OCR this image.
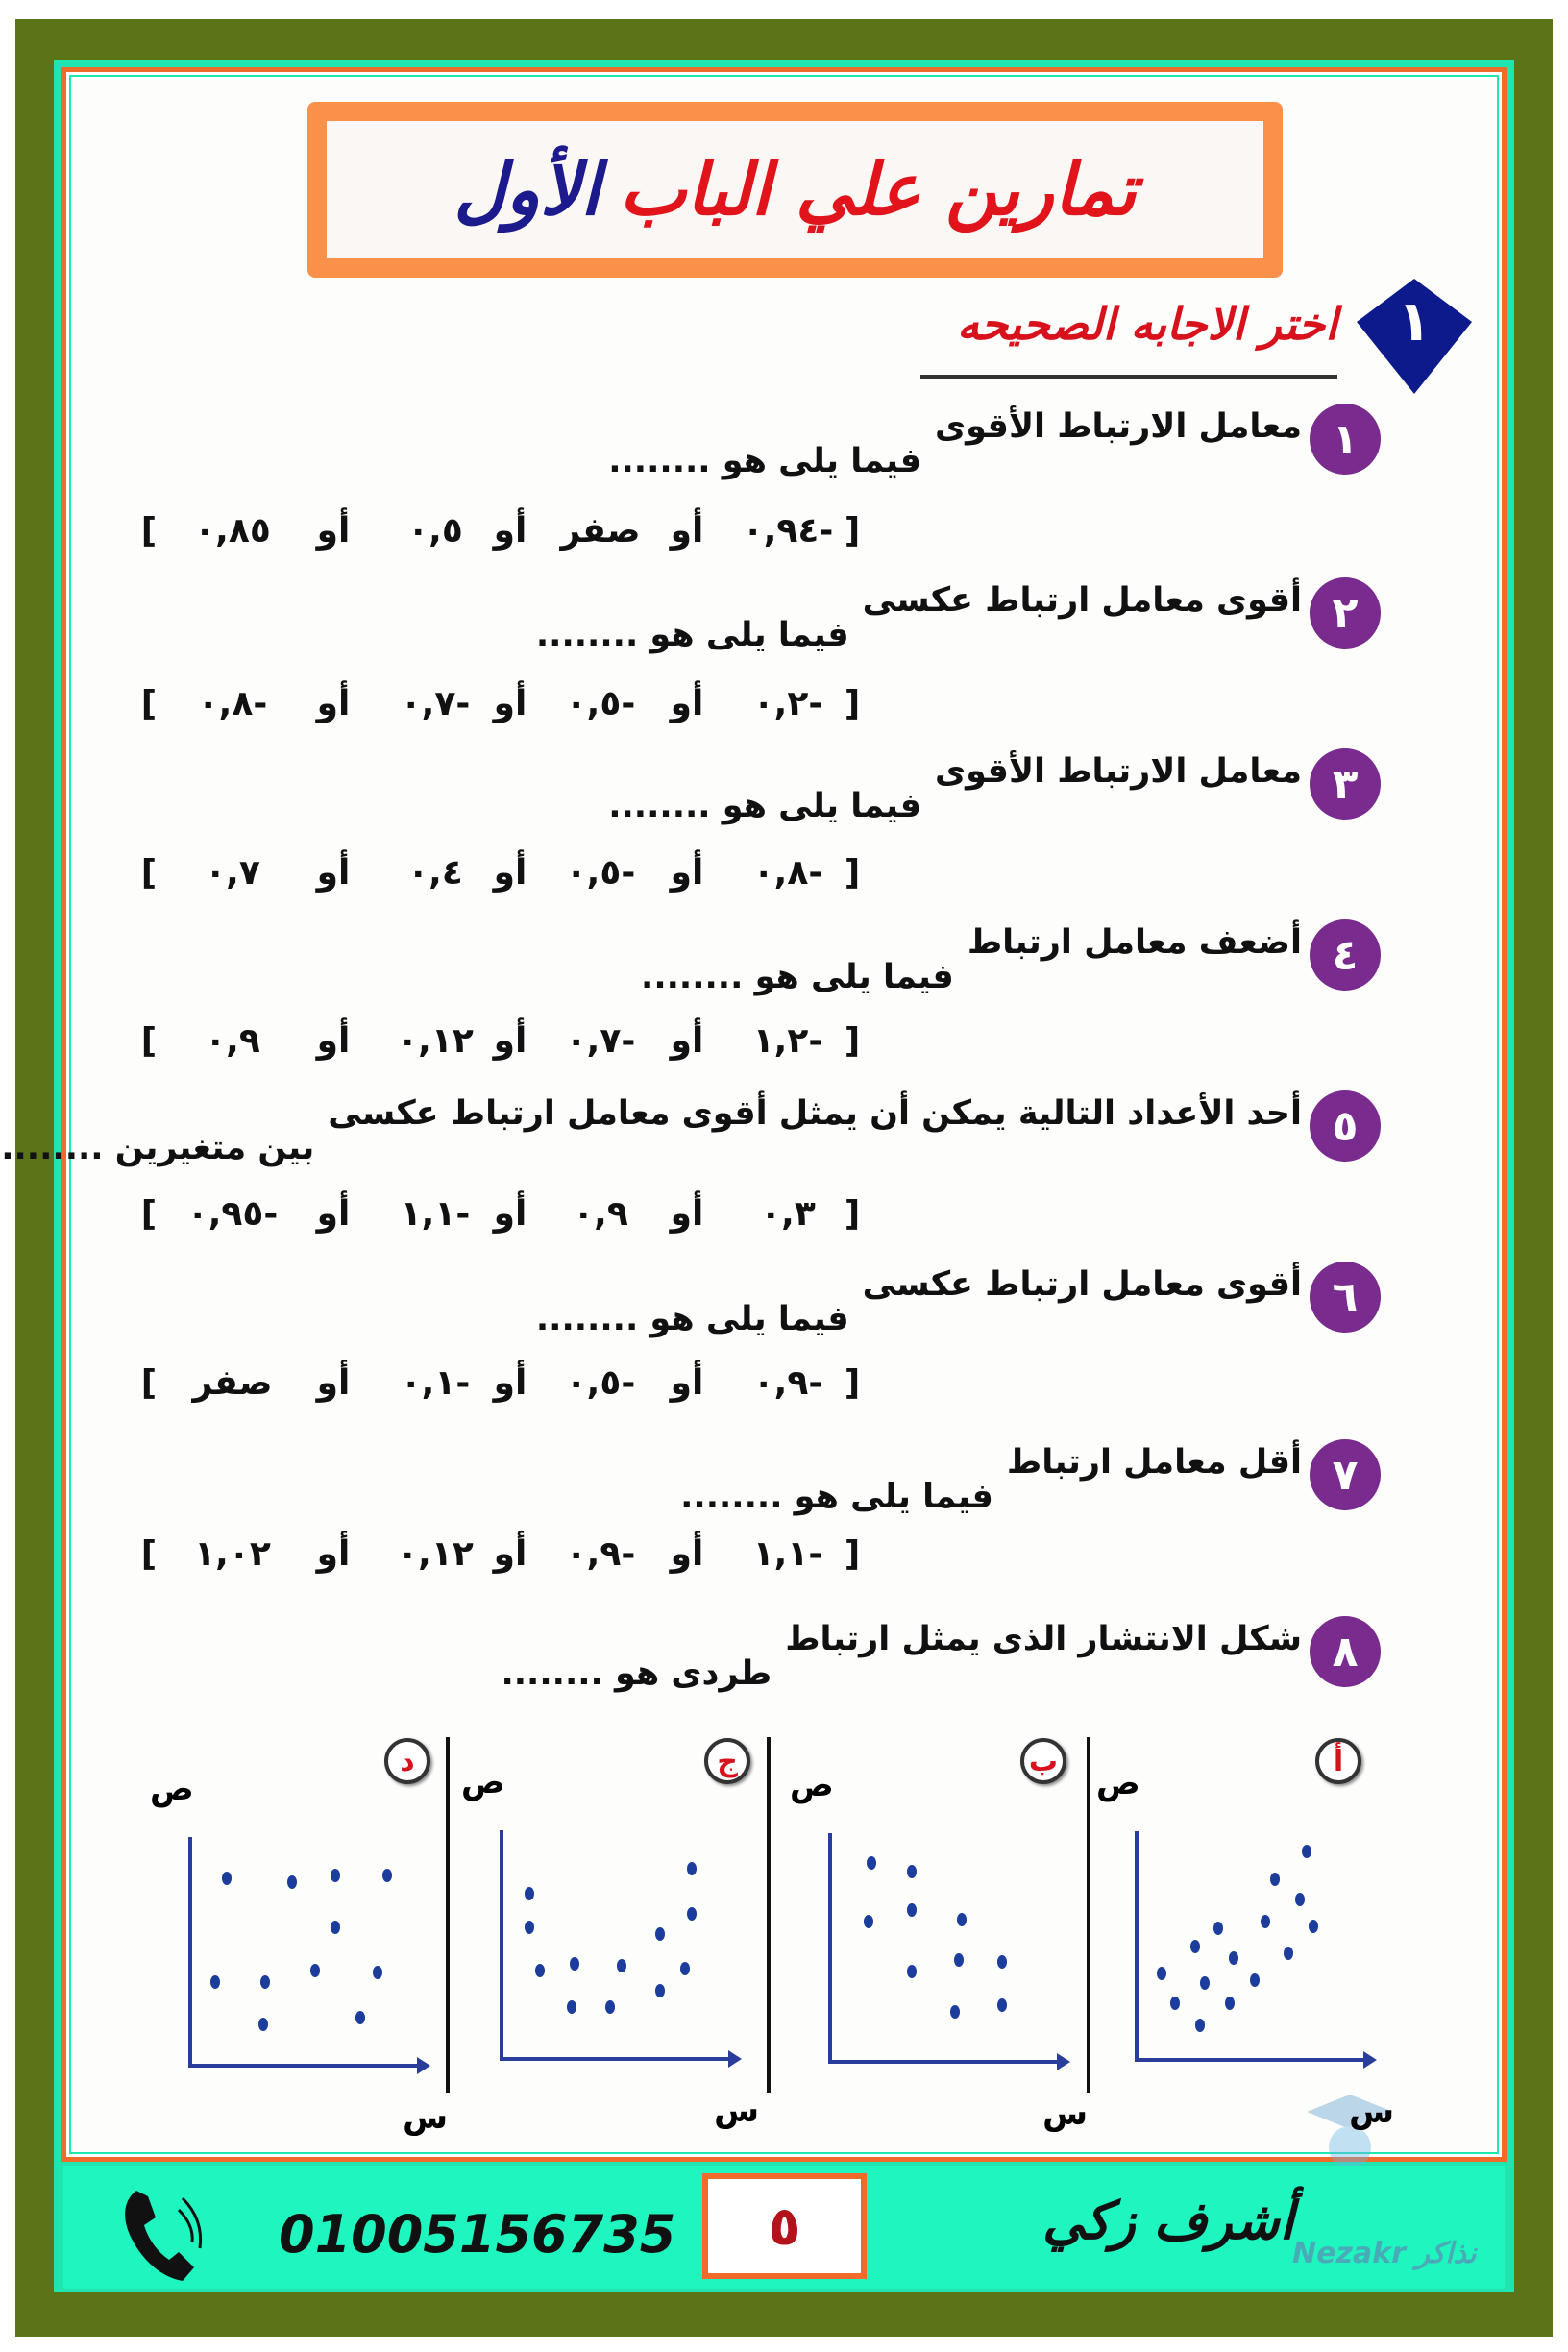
تمارين علي الباب
الأول
١
اختر الاجابه الصحيحه
١
معامل الارتباط الأقوى
فيما يلى هو ........
]
٠,٩٤-
أو
صفر
أو
٠,٥
أو
٠,٨٥
[
٢
أقوى معامل ارتباط عكسى
فيما يلى هو ........
]
٠,٢-
أو
٠,٥-
أو
٠,٧-
أو
٠,٨-
[
٣
معامل الارتباط الأقوى
فيما يلى هو ........
]
٠,٨-
أو
٠,٥-
أو
٠,٤
أو
٠,٧
[
٤
أضعف معامل ارتباط
فيما يلى هو ........
]
١,٢-
أو
٠,٧-
أو
٠,١٢
أو
٠,٩
[
٥
أحد الأعداد التالية يمكن أن يمثل أقوى معامل ارتباط عكسى
بين متغيرين ........
]
٠,٣
أو
٠,٩
أو
١,١-
أو
٠,٩٥-
[
٦
أقوى معامل ارتباط عكسى
فيما يلى هو ........
]
٠,٩-
أو
٠,٥-
أو
٠,١-
أو
صفر
[
٧
أقل معامل ارتباط
فيما يلى هو ........
]
١,١-
أو
٠,٩-
أو
٠,١٢
أو
١,٠٢
[
٨
شكل الانتشار الذى يمثل ارتباط
طردى هو ........
أ
ص
س
ب
ص
س
ج
ص
س
د
ص
س
Nezakr نذاكر
01005156735	٥	أشرف زكي
